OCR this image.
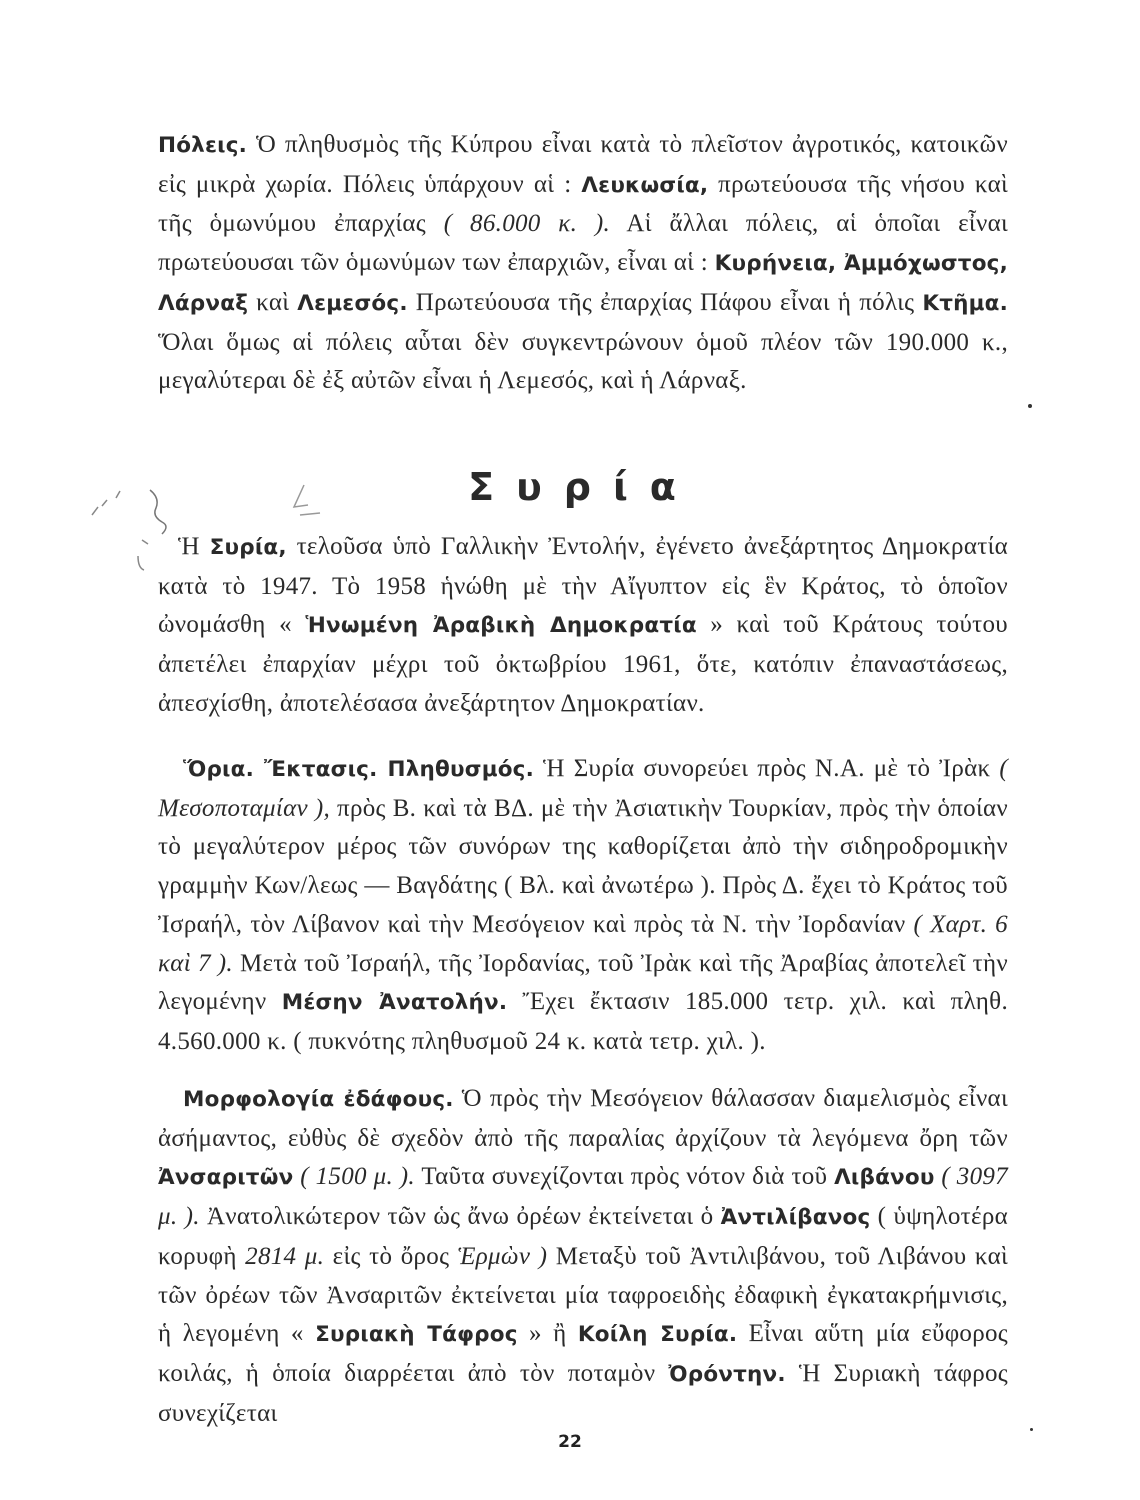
Πόλεις. Ὁ πληθυσμὸς τῆς Κύπρου εἶναι κατὰ τὸ πλεῖστον ἀγροτικός, κατοικῶν εἰς μικρὰ χωρία. Πόλεις ὑπάρχουν αἱ : Λευκωσία, πρωτεύουσα τῆς νήσου καὶ τῆς ὁμωνύμου ἐπαρχίας ( 86.000 κ. ). Αἱ ἄλλαι πόλεις, αἱ ὁποῖαι εἶναι πρωτεύουσαι τῶν ὁμωνύμων των ἐπαρχιῶν, εἶναι αἱ : Κυρήνεια, Ἀμμόχωστος, Λάρναξ καὶ Λεμεσός. Πρωτεύουσα τῆς ἐπαρχίας Πάφου εἶναι ἡ πόλις Κτῆμα. Ὅλαι ὅμως αἱ πόλεις αὗται δὲν συγκεντρώνουν ὁμοῦ πλέον τῶν 190.000 κ., μεγαλύτεραι δὲ ἐξ αὐτῶν εἶναι ἡ Λεμεσός, καὶ ἡ Λάρναξ.

Συρία

Ἡ Συρία, τελοῦσα ὑπὸ Γαλλικὴν Ἐντολήν, ἐγένετο ἀνεξάρτητος Δημοκρατία κατὰ τὸ 1947. Τὸ 1958 ἡνώθη μὲ τὴν Αἴγυπτον εἰς ἓν Κράτος, τὸ ὁποῖον ὠνομάσθη « Ἡνωμένη Ἀραβικὴ Δημοκρατία » καὶ τοῦ Κράτους τούτου ἀπετέλει ἐπαρχίαν μέχρι τοῦ ὀκτωβρίου 1961, ὅτε, κατόπιν ἐπαναστάσεως, ἀπεσχίσθη, ἀποτελέσασα ἀνεξάρτητον Δημοκρατίαν.

Ὅρια. Ἔκτασις. Πληθυσμός. Ἡ Συρία συνορεύει πρὸς Ν.Α. μὲ τὸ Ἰρὰκ ( Μεσοποταμίαν ), πρὸς Β. καὶ τὰ ΒΔ. μὲ τὴν Ἀσιατικὴν Τουρκίαν, πρὸς τὴν ὁποίαν τὸ μεγαλύτερον μέρος τῶν συνόρων της καθορίζεται ἀπὸ τὴν σιδηροδρομικὴν γραμμὴν Κων/λεως — Βαγδάτης ( Βλ. καὶ ἀνωτέρω ). Πρὸς Δ. ἔχει τὸ Κράτος τοῦ Ἰσραήλ, τὸν Λίβανον καὶ τὴν Μεσόγειον καὶ πρὸς τὰ Ν. τὴν Ἰορδανίαν ( Χαρτ. 6 καὶ 7 ). Μετὰ τοῦ Ἰσραήλ, τῆς Ἰορδανίας, τοῦ Ἰρὰκ καὶ τῆς Ἀραβίας ἀποτελεῖ τὴν λεγομένην Μέσην Ἀνατολήν. Ἔχει ἔκτασιν 185.000 τετρ. χιλ. καὶ πληθ. 4.560.000 κ. ( πυκνότης πληθυσμοῦ 24 κ. κατὰ τετρ. χιλ. ).

Μορφολογία ἐδάφους. Ὁ πρὸς τὴν Μεσόγειον θάλασσαν διαμελισμὸς εἶναι ἀσήμαντος, εὐθὺς δὲ σχεδὸν ἀπὸ τῆς παραλίας ἀρχίζουν τὰ λεγόμενα ὄρη τῶν Ἀνσαριτῶν ( 1500 μ. ). Ταῦτα συνεχίζονται πρὸς νότον διὰ τοῦ Λιβάνου ( 3097 μ. ). Ἀνατολικώτερον τῶν ὡς ἄνω ὀρέων ἐκτείνεται ὁ Ἀντιλίβανος ( ὑψηλοτέρα κορυφὴ 2814 μ. εἰς τὸ ὄρος Ἑρμὼν ) Μεταξὺ τοῦ Ἀντιλιβάνου, τοῦ Λιβάνου καὶ τῶν ὀρέων τῶν Ἀνσαριτῶν ἐκτείνεται μία ταφροειδὴς ἐδαφικὴ ἐγκατακρήμνισις, ἡ λεγομένη « Συριακὴ Τάφρος » ἢ Κοίλη Συρία. Εἶναι αὕτη μία εὔφορος κοιλάς, ἡ ὁποία διαρρέεται ἀπὸ τὸν ποταμὸν Ὀρόντην. Ἡ Συριακὴ τάφρος συνεχίζεται

22
